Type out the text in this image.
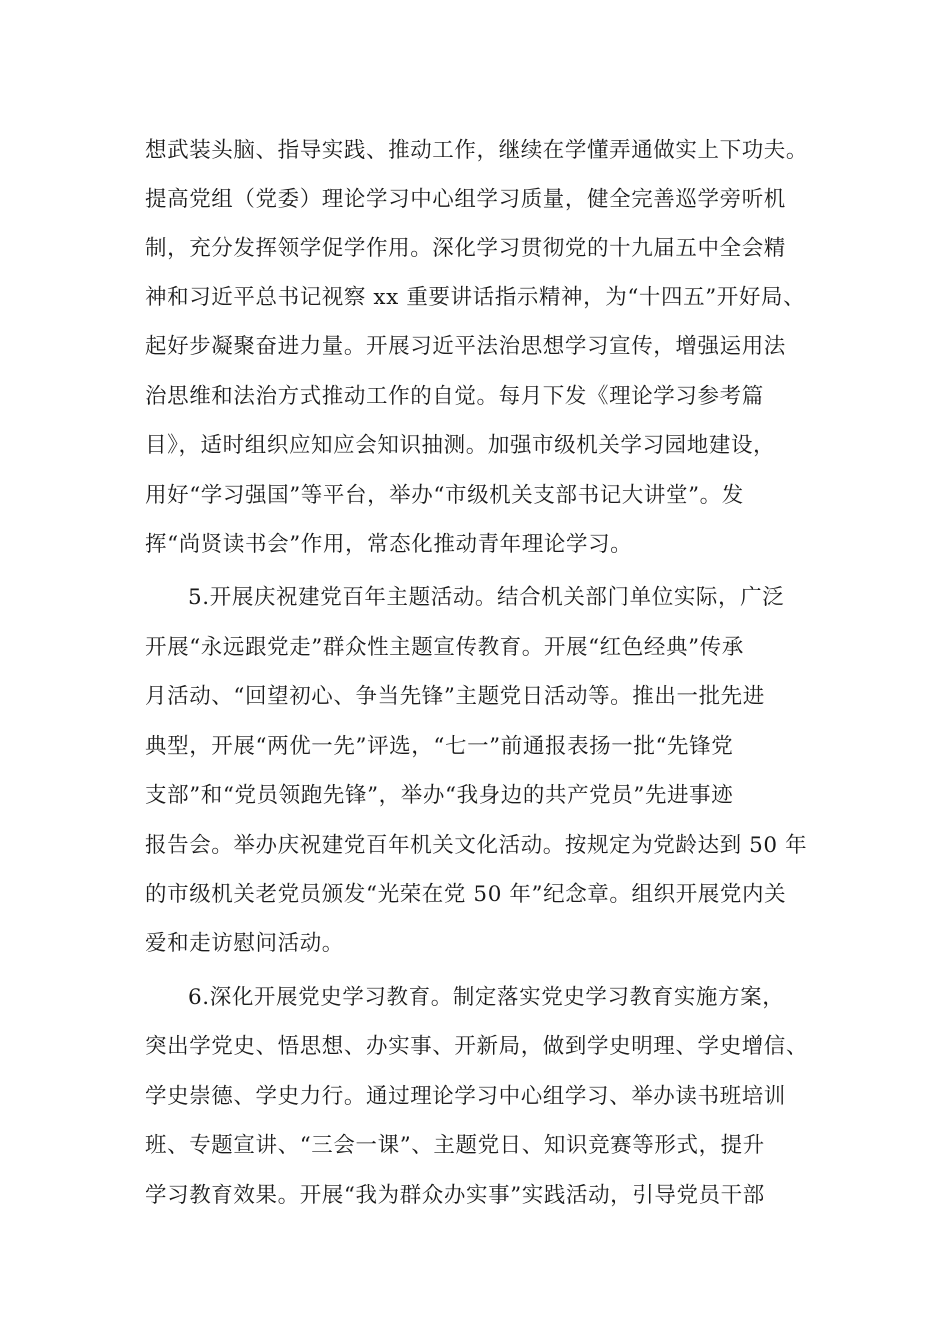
想武装头脑、指导实践、推动工作，继续在学懂弄通做实上下功夫。
提高党组（党委）理论学习中心组学习质量，健全完善巡学旁听机
制，充分发挥领学促学作用。深化学习贯彻党的十九届五中全会精
神和习近平总书记视察 xx 重要讲话指示精神，为“十四五”开好局、
起好步凝聚奋进力量。开展习近平法治思想学习宣传，增强运用法
治思维和法治方式推动工作的自觉。每月下发《理论学习参考篇
目》，适时组织应知应会知识抽测。加强市级机关学习园地建设，
用好“学习强国”等平台，举办“市级机关支部书记大讲堂”。发
挥“尚贤读书会”作用，常态化推动青年理论学习。
5.开展庆祝建党百年主题活动。结合机关部门单位实际，广泛
开展“永远跟党走”群众性主题宣传教育。开展“红色经典”传承
月活动、“回望初心、争当先锋”主题党日活动等。推出一批先进
典型，开展“两优一先”评选，“七一”前通报表扬一批“先锋党
支部”和“党员领跑先锋”，举办“我身边的共产党员”先进事迹
报告会。举办庆祝建党百年机关文化活动。按规定为党龄达到 50 年
的市级机关老党员颁发“光荣在党 50 年”纪念章。组织开展党内关
爱和走访慰问活动。
6.深化开展党史学习教育。制定落实党史学习教育实施方案，
突出学党史、悟思想、办实事、开新局，做到学史明理、学史增信、
学史崇德、学史力行。通过理论学习中心组学习、举办读书班培训
班、专题宣讲、“三会一课”、主题党日、知识竞赛等形式，提升
学习教育效果。开展“我为群众办实事”实践活动，引导党员干部
